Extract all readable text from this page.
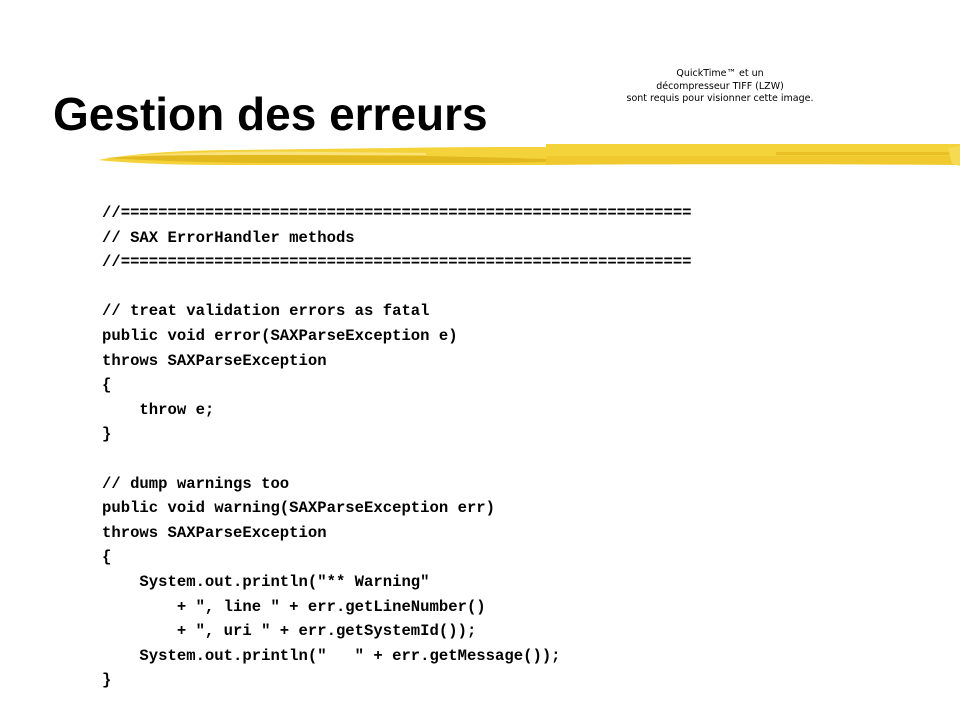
QuickTime™ et un
décompresseur TIFF (LZW)
sont requis pour visionner cette image.
Gestion des erreurs
//=============================================================
// SAX ErrorHandler methods
//=============================================================
// treat validation errors as fatal
public void error(SAXParseException e)
throws SAXParseException
{
throw e;
}
// dump warnings too
public void warning(SAXParseException err)
throws SAXParseException
{
System.out.println("** Warning"
+ ", line " + err.getLineNumber()
+ ", uri " + err.getSystemId());
System.out.println("   " + err.getMessage());
}
